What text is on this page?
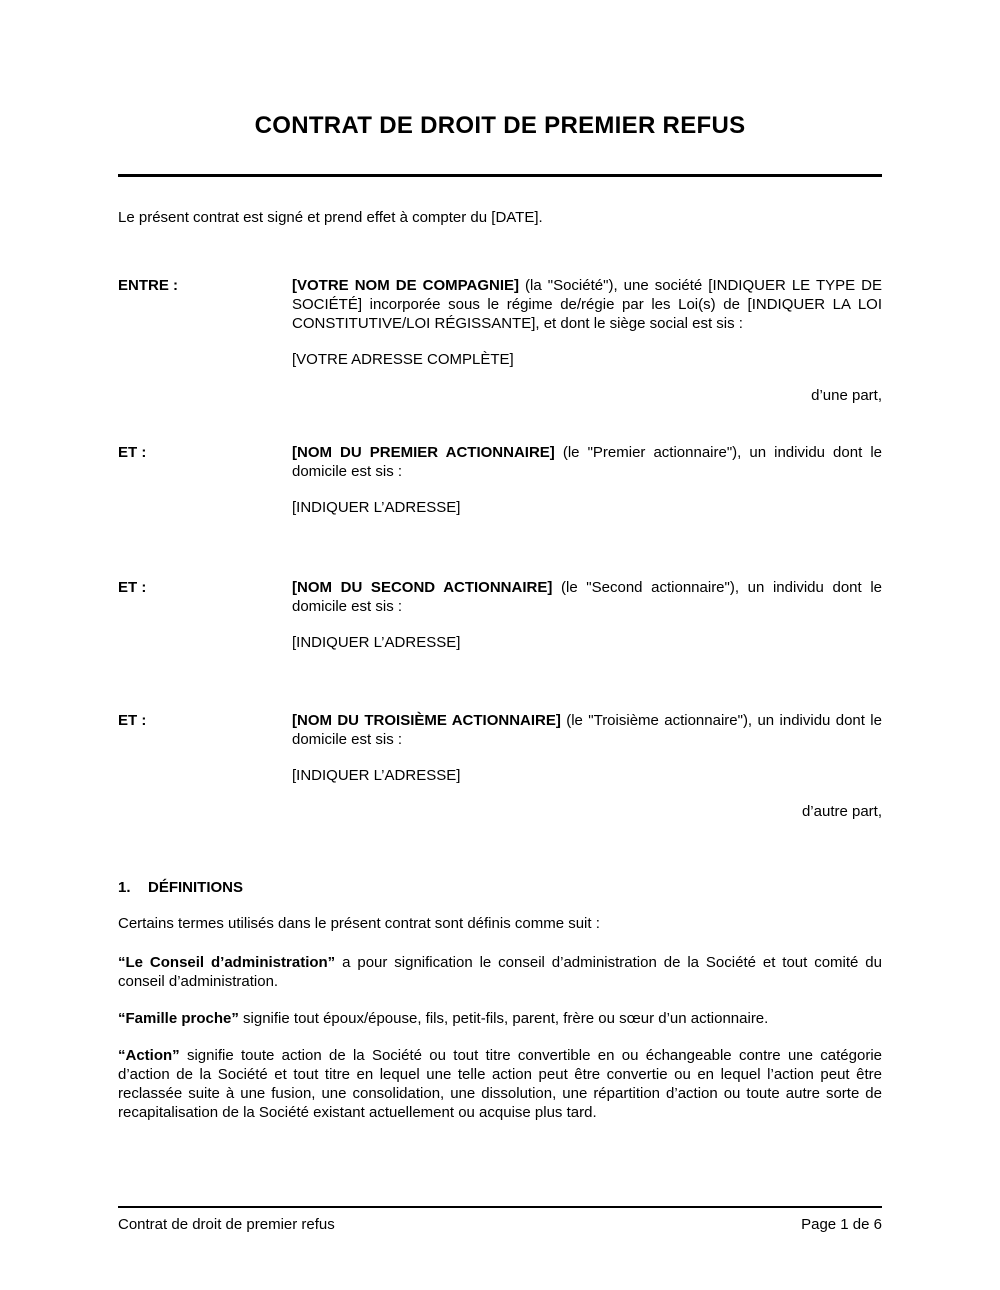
CONTRAT DE DROIT DE PREMIER REFUS

Le présent contrat est signé et prend effet à compter du [DATE].

ENTRE :	[VOTRE NOM DE COMPAGNIE] (la "Société"), une société [INDIQUER LE TYPE DE SOCIÉTÉ] incorporée sous le régime de/régie par les Loi(s) de [INDIQUER LA LOI CONSTITUTIVE/LOI RÉGISSANTE], et dont le siège social est sis :

[VOTRE ADRESSE COMPLÈTE]

d’une part,

ET :	[NOM DU PREMIER ACTIONNAIRE] (le "Premier actionnaire"), un individu dont le domicile est sis :

[INDIQUER L’ADRESSE]

ET :	[NOM DU SECOND ACTIONNAIRE] (le "Second actionnaire"), un individu dont le domicile est sis :

[INDIQUER L’ADRESSE]

ET :	[NOM DU TROISIÈME ACTIONNAIRE] (le "Troisième actionnaire"), un individu dont le domicile est sis :

[INDIQUER L’ADRESSE]

d’autre part,

1. DÉFINITIONS

Certains termes utilisés dans le présent contrat sont définis comme suit :

“Le Conseil d’administration” a pour signification le conseil d’administration de la Société et tout comité du conseil d’administration.

“Famille proche” signifie tout époux/épouse, fils, petit-fils, parent, frère ou sœur d’un actionnaire.

“Action” signifie toute action de la Société ou tout titre convertible en ou échangeable contre une catégorie d’action de la Société et tout titre en lequel une telle action peut être convertie ou en lequel l’action peut être reclassée suite à une fusion, une consolidation, une dissolution, une répartition d’action ou toute autre sorte de recapitalisation de la Société existant actuellement ou acquise plus tard.

Contrat de droit de premier refus	Page 1 de 6
